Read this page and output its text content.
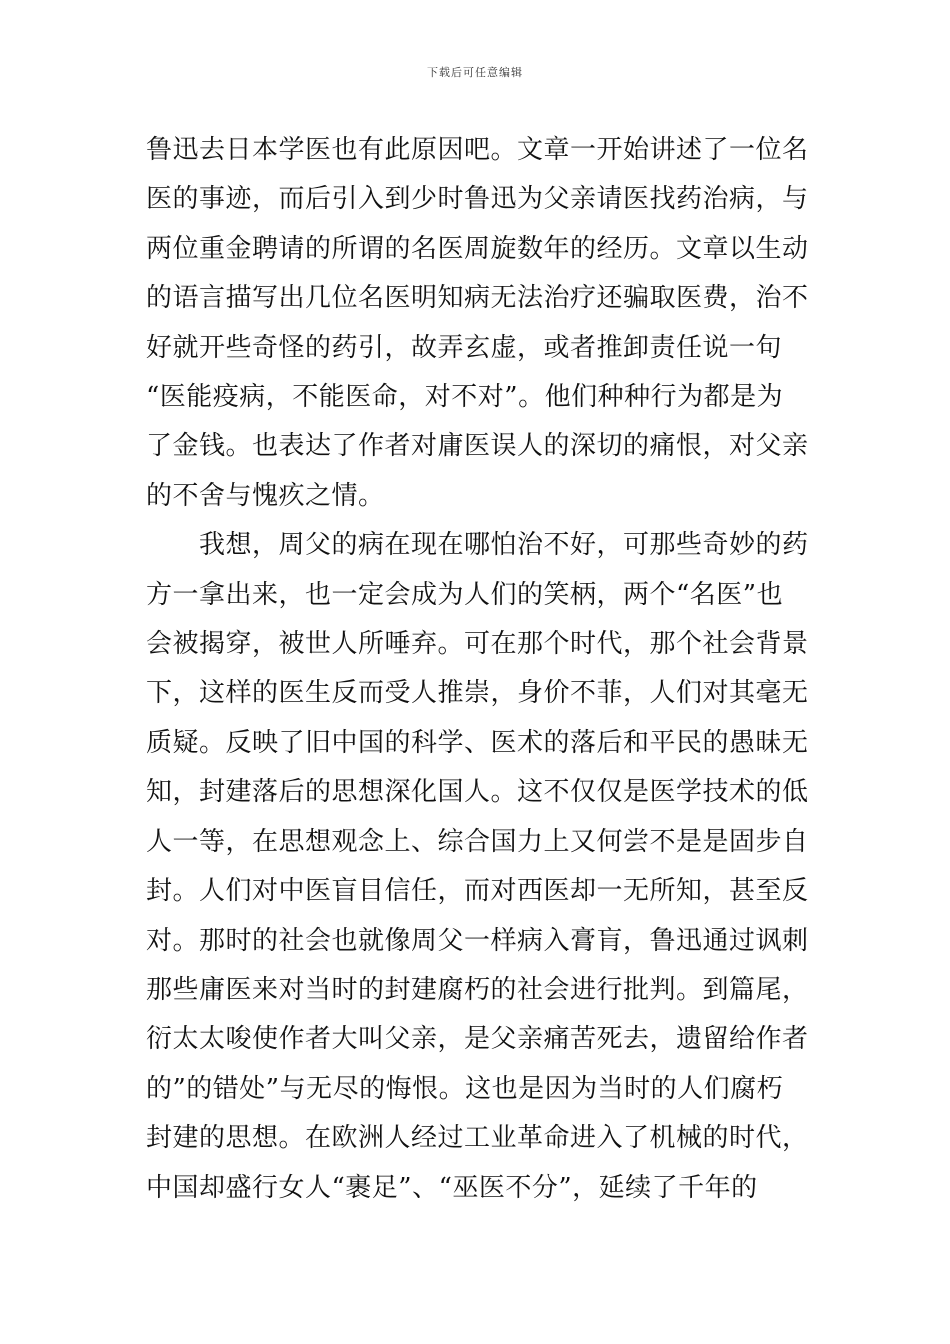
下载后可任意编辑
鲁迅去日本学医也有此原因吧。文章一开始讲述了一位名
医的事迹，而后引入到少时鲁迅为父亲请医找药治病，与
两位重金聘请的所谓的名医周旋数年的经历。文章以生动
的语言描写出几位名医明知病无法治疗还骗取医费，治不
好就开些奇怪的药引，故弄玄虚，或者推卸责任说一句
“医能疫病，不能医命，对不对”。他们种种行为都是为
了金钱。也表达了作者对庸医误人的深切的痛恨，对父亲
的不舍与愧疚之情。
　　我想，周父的病在现在哪怕治不好，可那些奇妙的药
方一拿出来，也一定会成为人们的笑柄，两个“名医”也
会被揭穿，被世人所唾弃。可在那个时代，那个社会背景
下，这样的医生反而受人推崇，身价不菲，人们对其毫无
质疑。反映了旧中国的科学、医术的落后和平民的愚昧无
知，封建落后的思想深化国人。这不仅仅是医学技术的低
人一等，在思想观念上、综合国力上又何尝不是是固步自
封。人们对中医盲目信任，而对西医却一无所知，甚至反
对。那时的社会也就像周父一样病入膏肓，鲁迅通过讽刺
那些庸医来对当时的封建腐朽的社会进行批判。到篇尾，
衍太太唆使作者大叫父亲，是父亲痛苦死去，遗留给作者
的”的错处”与无尽的悔恨。这也是因为当时的人们腐朽
封建的思想。在欧洲人经过工业革命进入了机械的时代，
中国却盛行女人“裹足”、“巫医不分”，延续了千年的
